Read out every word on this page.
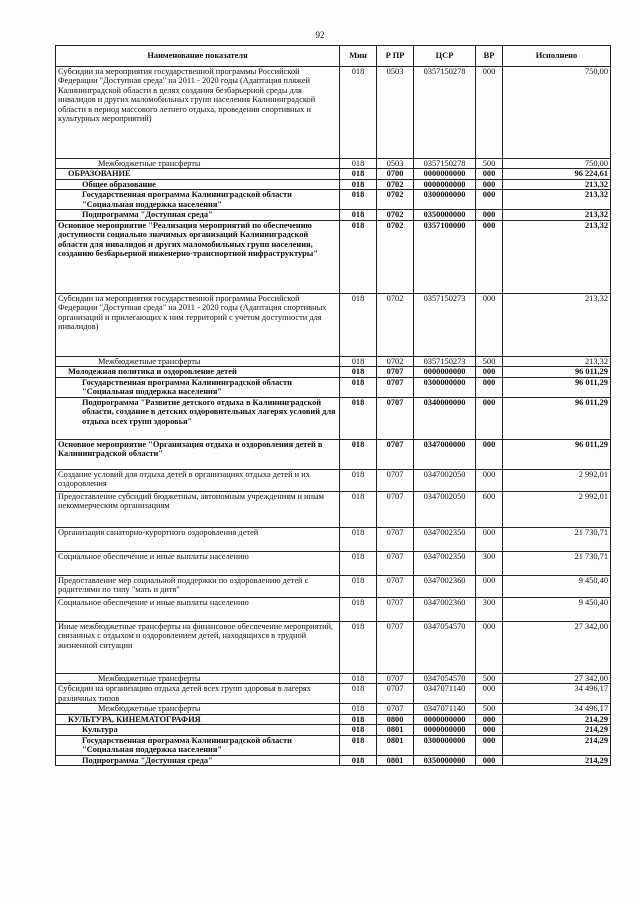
92
Наименование показателя	Мин	Р ПР	ЦСР	ВР	Исполнено
Субсидии на мероприятия государственной программы Российской Федерации "Доступная среда" на 2011 - 2020 годы (Адаптация пляжей Калининградской области в целях создания безбарьерной среды для инвалидов и других маломобильных групп населения Калининградской области в период массового летнего отдыха, проведения спортивных и культурных мероприятий)	018	0503	0357150278	000	750,00
Межбюджетные трансферты	018	0503	0357150278	500	750,00
ОБРАЗОВАНИЕ	018	0700	0000000000	000	96 224,61
Общее образование	018	0702	0000000000	000	213,32
Государственная программа Калининградской области "Социальная поддержка населения"	018	0702	0300000000	000	213,32
Подпрограмма "Доступная среда"	018	0702	0350000000	000	213,32
Основное мероприятие "Реализация мероприятий по обеспечению доступности социально значимых организаций Калининградской области для инвалидов и других маломобильных групп населения, созданию безбарьерной инженерно-транспортной инфраструктуры"	018	0702	0357100000	000	213,32
Субсидии на мероприятия государственной программы Российской Федерации "Доступная среда" на 2011 - 2020 годы (Адаптация спортивных организаций и прилегающих к ним территорий с учетом доступности для инвалидов)	018	0702	0357150273	000	213,32
Межбюджетные трансферты	018	0702	0357150273	500	213,32
Молодежная политика и оздоровление детей	018	0707	0000000000	000	96 011,29
Государственная программа Калининградской области "Социальная поддержка населения"	018	0707	0300000000	000	96 011,29
Подпрограмма "Развитие детского отдыха в Калининградской области, создание в детских оздоровительных лагерях условий для отдыха всех групп здоровья"	018	0707	0340000000	000	96 011,29
Основное мероприятие "Организация отдыха и оздоровления детей в Калининградской области"	018	0707	0347000000	000	96 011,29
Создание условий для отдыха детей в организациях отдыха детей и их оздоровления	018	0707	0347002050	000	2 992,01
Предоставление субсидий бюджетным, автономным учреждениям и иным некоммерческим организациям	018	0707	0347002050	600	2 992,01
Организация санаторно-курортного оздоровления детей	018	0707	0347002350	000	21 730,71
Социальное обеспечение и иные выплаты населению	018	0707	0347002350	300	21 730,71
Предоставление мер социальной поддержки по оздоровлению детей с родителями по типу "мать и дитя"	018	0707	0347002360	000	9 450,40
Социальное обеспечение и иные выплаты населению	018	0707	0347002360	300	9 450,40
Иные межбюджетные трансферты на финансовое обеспечение мероприятий, связанных с отдыхом и оздоровлением детей, находящихся в трудной жизненной ситуации	018	0707	0347054570	000	27 342,00
Межбюджетные трансферты	018	0707	0347054570	500	27 342,00
Субсидии на организацию отдыха детей всех групп здоровья в лагерях различных типов	018	0707	0347071140	000	34 496,17
Межбюджетные трансферты	018	0707	0347071140	500	34 496,17
КУЛЬТУРА, КИНЕМАТОГРАФИЯ	018	0800	0000000000	000	214,29
Культура	018	0801	0000000000	000	214,29
Государственная программа Калининградской области "Социальная поддержка населения"	018	0801	0300000000	000	214,29
Подпрограмма "Доступная среда"	018	0801	0350000000	000	214,29
